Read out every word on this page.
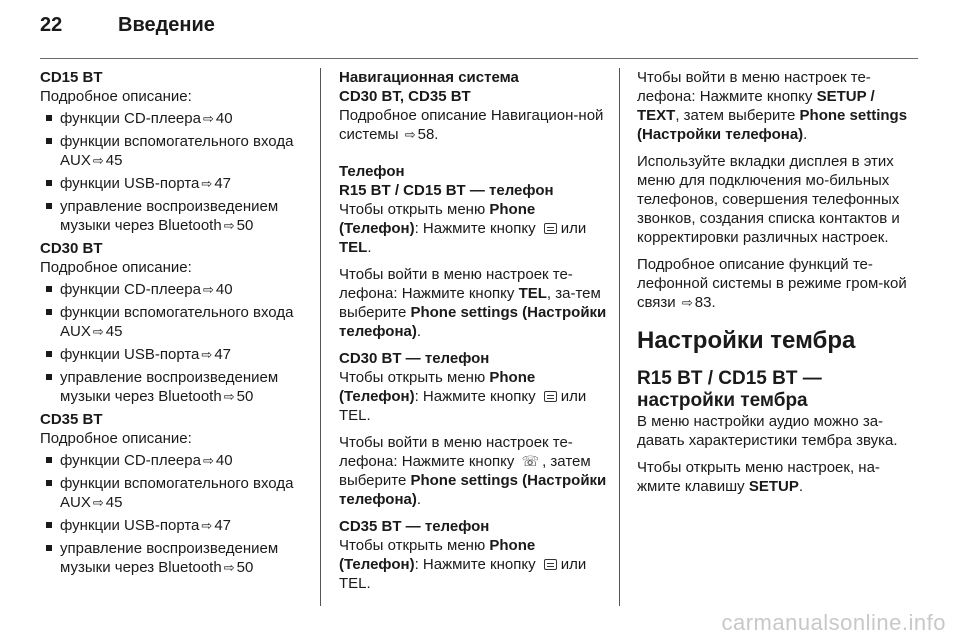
22	Введение
CD15 BT
Подробное описание:
функции CD-плеера ⇨ 40
функции вспомогательного входа AUX ⇨ 45
функции USB-порта ⇨ 47
управление воспроизведением музыки через Bluetooth ⇨ 50
CD30 BT
Подробное описание:
функции CD-плеера ⇨ 40
функции вспомогательного входа AUX ⇨ 45
функции USB-порта ⇨ 47
управление воспроизведением музыки через Bluetooth ⇨ 50
CD35 BT
Подробное описание:
функции CD-плеера ⇨ 40
функции вспомогательного входа AUX ⇨ 45
функции USB-порта ⇨ 47
управление воспроизведением музыки через Bluetooth ⇨ 50
Навигационная система
CD30 BT, CD35 BT
Подробное описание Навигацион-ной системы ⇨ 58.
Телефон
R15 BT / CD15 BT — телефон
Чтобы открыть меню Phone (Телефон): Нажмите кнопку или TEL.
Чтобы войти в меню настроек те-лефона: Нажмите кнопку TEL, за-тем выберите Phone settings (Настройки телефона).
CD30 BT — телефон
Чтобы открыть меню Phone (Телефон): Нажмите кнопку или TEL.
Чтобы войти в меню настроек те-лефона: Нажмите кнопку ☏ , затем выберите Phone settings (Настройки телефона).
CD35 BT — телефон
Чтобы открыть меню Phone (Телефон): Нажмите кнопку или TEL.
Чтобы войти в меню настроек те-лефона: Нажмите кнопку SETUP / TEXT, затем выберите Phone settings (Настройки телефона).
Используйте вкладки дисплея в этих меню для подключения мо-бильных телефонов, совершения телефонных звонков, создания списка контактов и корректировки различных настроек.
Подробное описание функций те-лефонной системы в режиме гром-кой связи ⇨ 83.
Настройки тембра
R15 BT / CD15 BT — настройки тембра
В меню настройки аудио можно за-давать характеристики тембра звука.
Чтобы открыть меню настроек, на-жмите клавишу SETUP.
carmanualsonline.info
